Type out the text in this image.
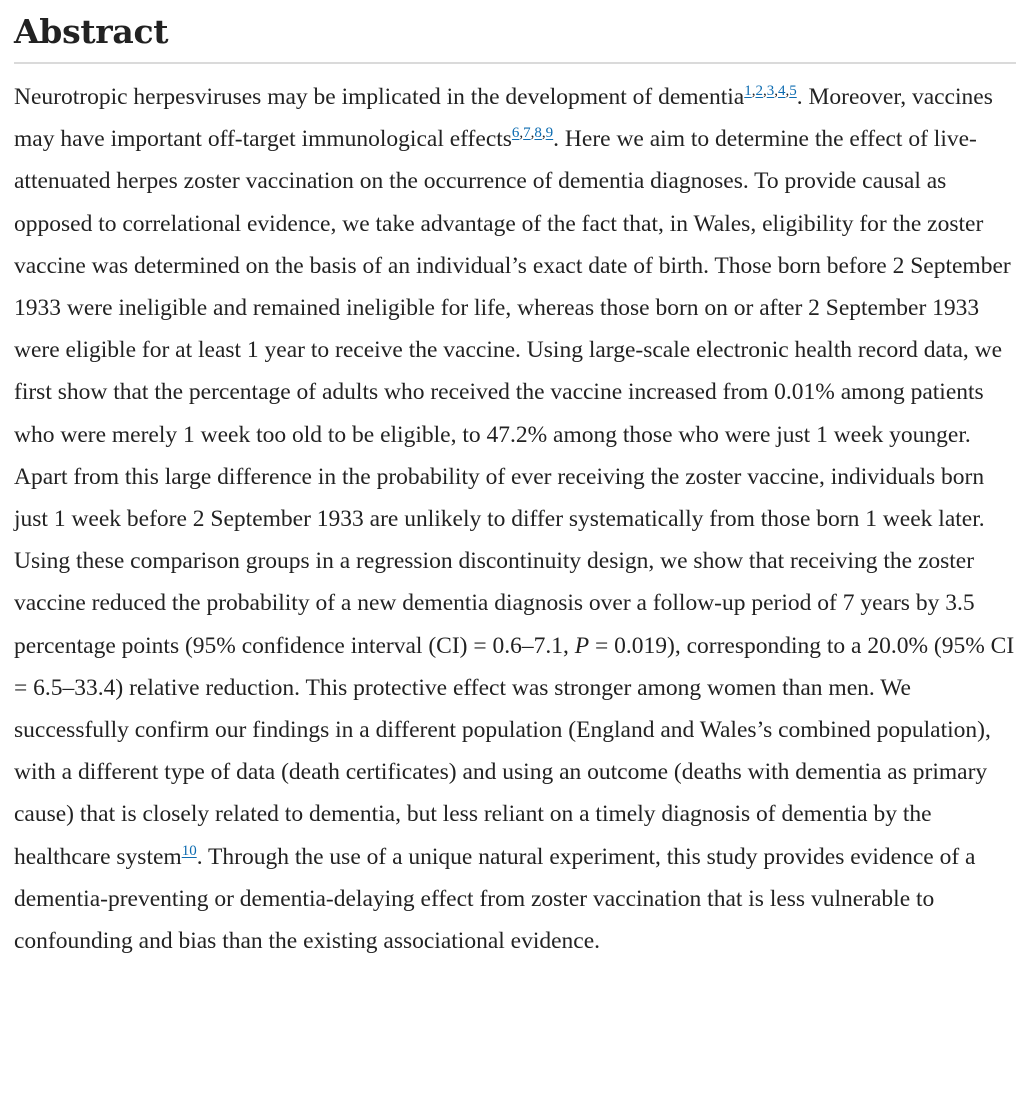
Abstract

Neurotropic herpesviruses may be implicated in the development of dementia$^{1,2,3,4,5}$. Moreover, vaccines may have important off-target immunological effects$^{6,7,8,9}$. Here we aim to determine the effect of live-attenuated herpes zoster vaccination on the occurrence of dementia diagnoses. To provide causal as opposed to correlational evidence, we take advantage of the fact that, in Wales, eligibility for the zoster vaccine was determined on the basis of an individual’s exact date of birth. Those born before 2 September 1933 were ineligible and remained ineligible for life, whereas those born on or after 2 September 1933 were eligible for at least 1 year to receive the vaccine. Using large-scale electronic health record data, we first show that the percentage of adults who received the vaccine increased from 0.01% among patients who were merely 1 week too old to be eligible, to 47.2% among those who were just 1 week younger. Apart from this large difference in the probability of ever receiving the zoster vaccine, individuals born just 1 week before 2 September 1933 are unlikely to differ systematically from those born 1 week later. Using these comparison groups in a regression discontinuity design, we show that receiving the zoster vaccine reduced the probability of a new dementia diagnosis over a follow-up period of 7 years by 3.5 percentage points (95% confidence interval (CI) = 0.6–7.1, P = 0.019), corresponding to a 20.0% (95% CI = 6.5–33.4) relative reduction. This protective effect was stronger among women than men. We successfully confirm our findings in a different population (England and Wales’s combined population), with a different type of data (death certificates) and using an outcome (deaths with dementia as primary cause) that is closely related to dementia, but less reliant on a timely diagnosis of dementia by the healthcare system$^{10}$. Through the use of a unique natural experiment, this study provides evidence of a dementia-preventing or dementia-delaying effect from zoster vaccination that is less vulnerable to confounding and bias than the existing associational evidence.
